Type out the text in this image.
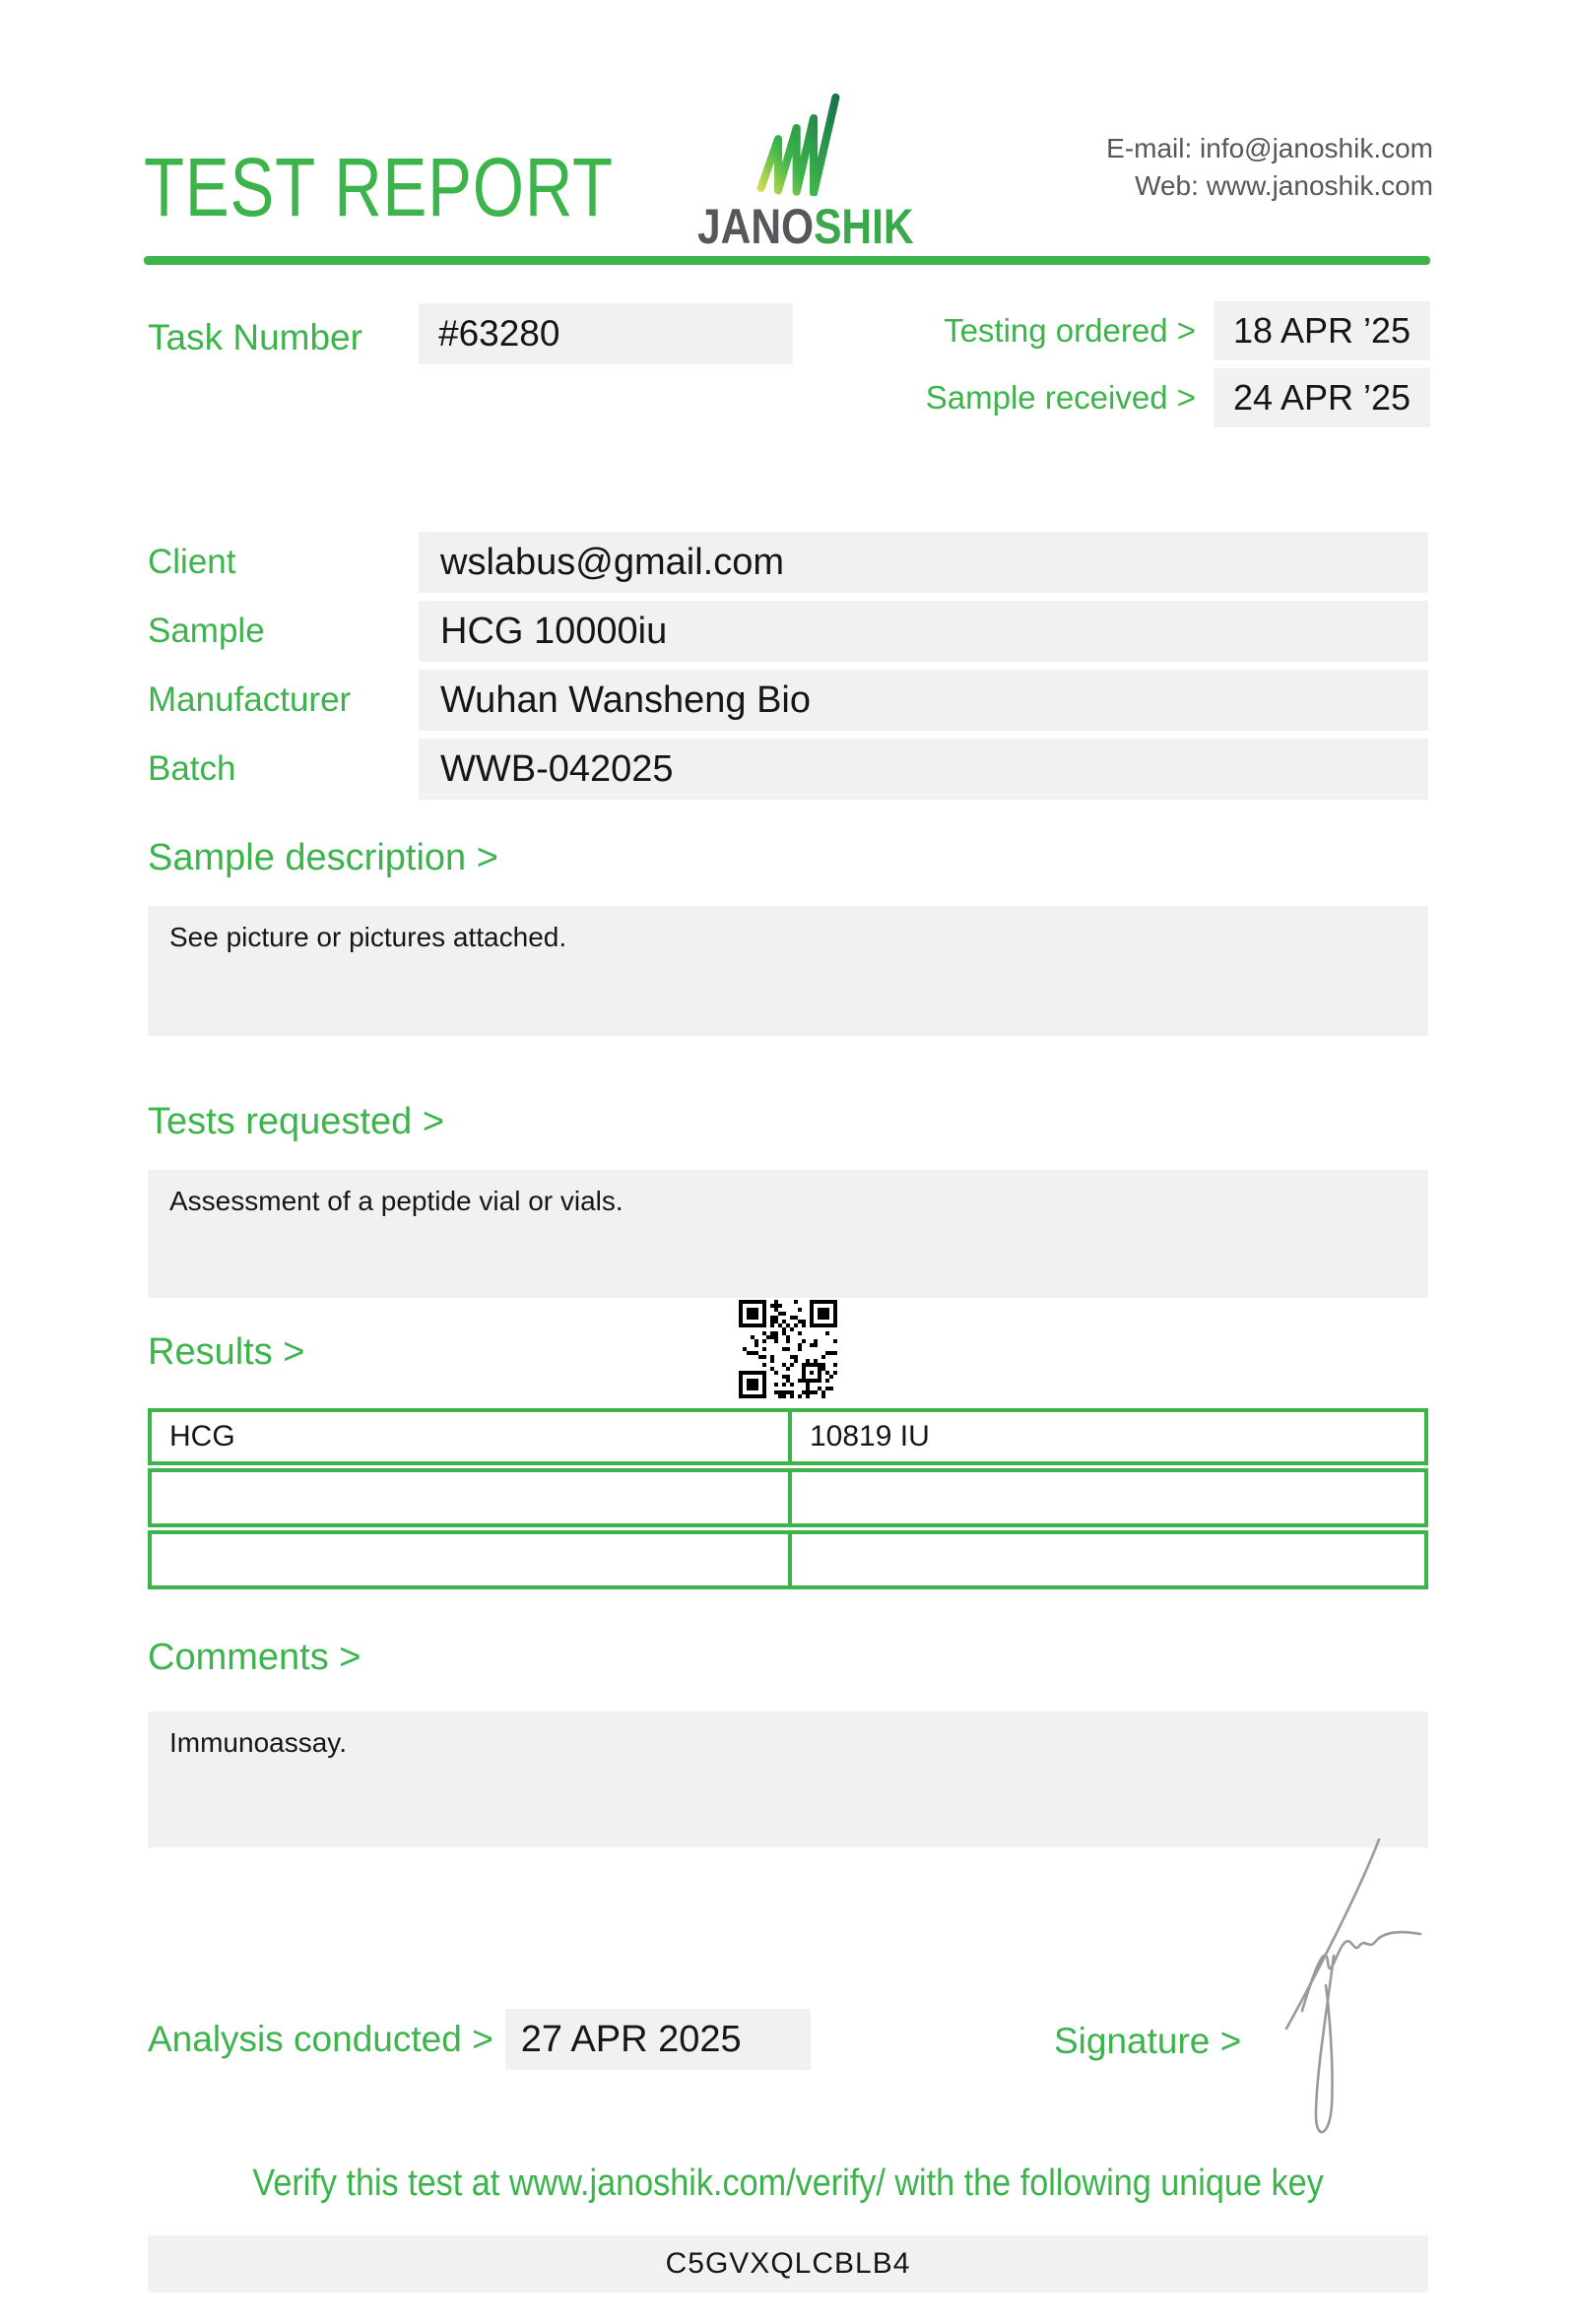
TEST REPORT JANOSHIK
E-mail: info@janoshik.com
Web: www.janoshik.com
Task Number	#63280	Testing ordered >	18 APR ’25
Sample received >	24 APR ’25
Client	wslabus@gmail.com
Sample	HCG 10000iu
Manufacturer	Wuhan Wansheng Bio
Batch	WWB-042025
Sample description >
See picture or pictures attached.
Tests requested >
Assessment of a peptide vial or vials.
Results >
HCG	10819 IU
Comments >
Immunoassay.
Analysis conducted > 27 APR 2025	Signature >
Verify this test at www.janoshik.com/verify/ with the following unique key
C5GVXQLCBLB4
